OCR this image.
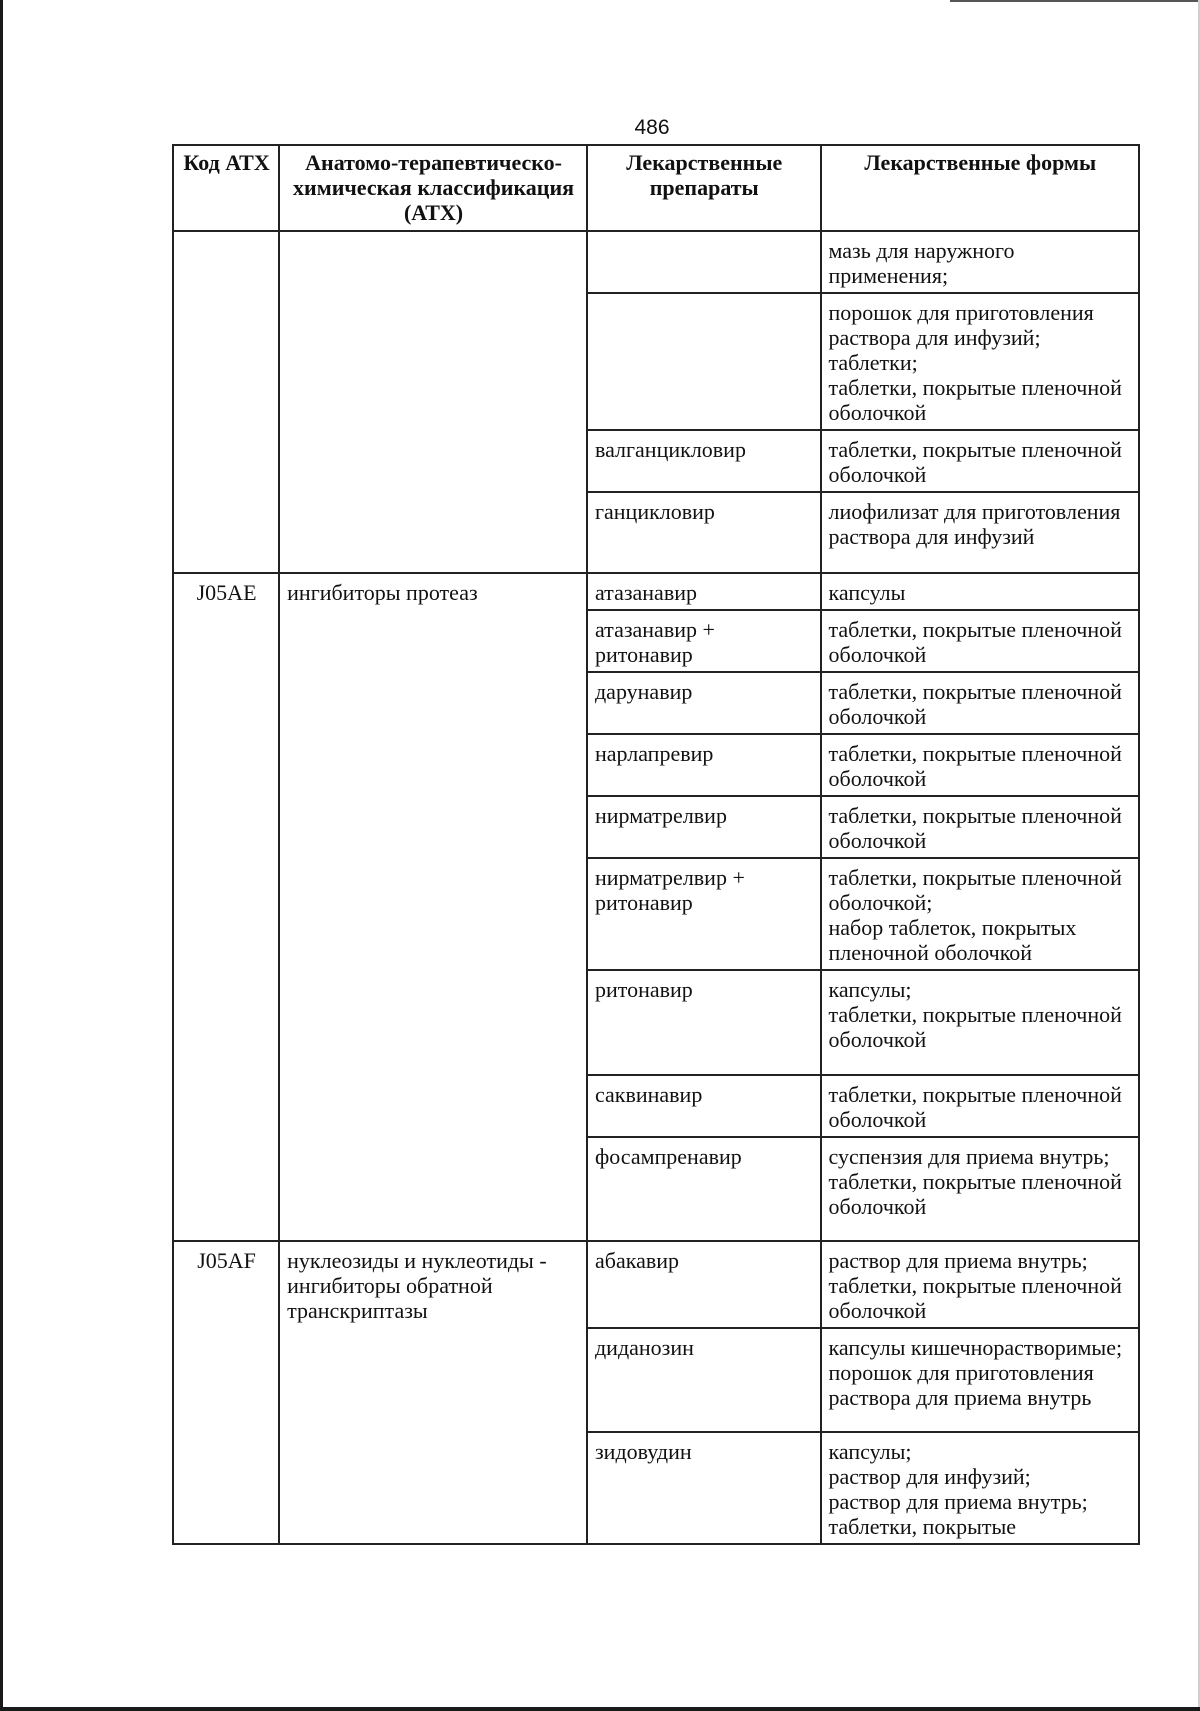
486
Код АТХ	Анатомо-терапевтическо-химическая классификация (АТХ)	Лекарственные препараты	Лекарственные формы

			мазь для наружного применения;

			порошок для приготовления раствора для инфузий;
таблетки;
таблетки, покрытые пленочной оболочкой

		валганцикловир	таблетки, покрытые пленочной оболочкой

		ганцикловир	лиофилизат для приготовления раствора для инфузий

J05AE	ингибиторы протеаз	атазанавир	капсулы

		атазанавир + ритонавир	таблетки, покрытые пленочной оболочкой

		дарунавир	таблетки, покрытые пленочной оболочкой

		нарлапревир	таблетки, покрытые пленочной оболочкой

		нирматрелвир	таблетки, покрытые пленочной оболочкой

		нирматрелвир + ритонавир	таблетки, покрытые пленочной оболочкой;
набор таблеток, покрытых пленочной оболочкой

		ритонавир	капсулы;
таблетки, покрытые пленочной оболочкой

		саквинавир	таблетки, покрытые пленочной оболочкой

		фосампренавир	суспензия для приема внутрь;
таблетки, покрытые пленочной оболочкой

J05AF	нуклеозиды и нуклеотиды - ингибиторы обратной транскриптазы	абакавир	раствор для приема внутрь;
таблетки, покрытые пленочной оболочкой

		диданозин	капсулы кишечнорастворимые;
порошок для приготовления раствора для приема внутрь

		зидовудин	капсулы;
раствор для инфузий;
раствор для приема внутрь;
таблетки, покрытые
